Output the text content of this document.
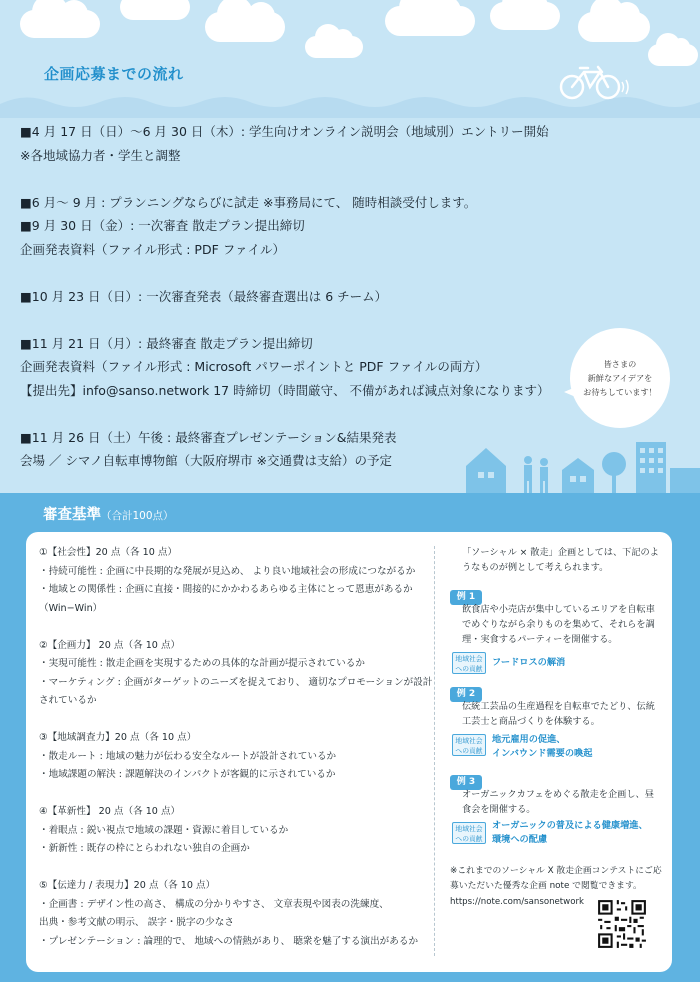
企画応募までの流れ
■4 月 17 日（日）〜6 月 30 日（木）: 学生向けオンライン説明会（地域別）エントリー開始
※各地域協力者・学生と調整
■6 月〜 9 月 : プランニングならびに試走 ※事務局にて、 随時相談受付します。
■9 月 30 日（金）: 一次審査 散走プラン提出締切
企画発表資料（ファイル形式 : PDF ファイル）
■10 月 23 日（日）: 一次審査発表（最終審査選出は 6 チーム）
■11 月 21 日（月）: 最終審査 散走プラン提出締切
企画発表資料（ファイル形式 : Microsoft パワーポイントと PDF ファイルの両方）
【提出先】info@sanso.network 17 時締切（時間厳守、 不備があれば減点対象になります）
■11 月 26 日（土）午後 : 最終審査プレゼンテーション&結果発表
会場 ／ シマノ自転車博物館（大阪府堺市 ※交通費は支給）の予定
皆さまの
新鮮なアイデアを
お待ちしています！
審査基準（合計100点）
①【社会性】20 点（各 10 点）
・持続可能性 : 企画に中長期的な発展が見込め、 より良い地域社会の形成につながるか
・地域との関係性 : 企画に直接・間接的にかかわるあらゆる主体にとって恩恵があるか
（Win−Win）
②【企画力】 20 点（各 10 点）
・実現可能性 : 散走企画を実現するための具体的な計画が提示されているか
・マーケティング : 企画がターゲットのニーズを捉えており、 適切なプロモーションが設計
されているか
③【地域調査力】20 点（各 10 点）
・散走ルート : 地域の魅力が伝わる安全なルートが設計されているか
・地域課題の解決 : 課題解決のインパクトが客観的に示されているか
④【革新性】 20 点（各 10 点）
・着眼点 : 鋭い視点で地域の課題・資源に着目しているか
・新新性 : 既存の枠にとらわれない独自の企画か
⑤【伝達力 / 表現力】20 点（各 10 点）
・企画書 : デザイン性の高さ、 構成の分かりやすさ、 文章表現や図表の洗練度、
出典・参考文献の明示、 誤字・脱字の少なさ
・プレゼンテーション : 論理的で、 地域への情熱があり、 聴衆を魅了する演出があるか
「ソーシャル × 散走」企画としては、下記のようなものが例として考えられます。
例 1
飲食店や小売店が集中しているエリアを自転車でめぐりながら余りものを集めて、それらを調理・実食するパーティーを開催する。
地域社会
への貢献
フードロスの解消
例 2
伝統工芸品の生産過程を自転車でたどり、伝統工芸士と商品づくりを体験する。
地域社会
への貢献
地元雇用の促進、
インバウンド需要の喚起
例 3
オーガニックカフェをめぐる散走を企画し、昼食会を開催する。
地域社会
への貢献
オーガニックの普及による健康増進、
環境への配慮
※これまでのソーシャル X 散走企画コンテストにご応募いただいた優秀な企画 note で閲覧できます。
https://note.com/sansonetwork
